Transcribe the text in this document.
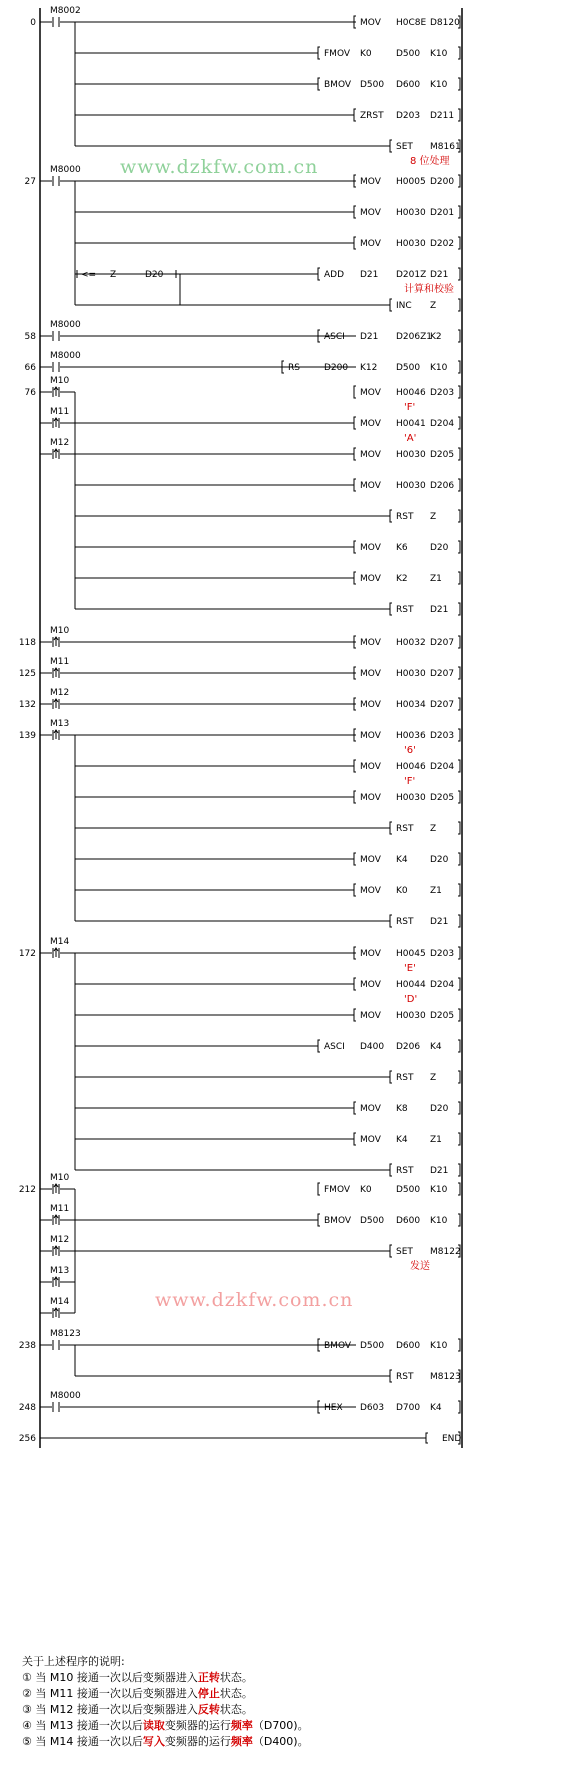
0
M8002
MOV H0C8E D8120
FMOV K0	D500 K10
BMOV D500 D600 K10
ZRST D203 D211
SET M8161
8 位处理
27
M8000
MOV H0005 D200
MOV H0030 D201
MOV H0030 D202
<= Z	D20	ADD D21 D201Z D21
计算和校验
INC Z
58
M8000
ASCI D21 D206Z1
K2
66
M8000
RS	D200 K12 D500 K10
76
M10
M11
M12
MOV H0046 D203
'F'
MOV H0041 D204
'A'
MOV H0030 D205
MOV H0030 D206
RST Z
MOV K6 D20
MOV K2 Z1
RST D21
118
M10
MOV H0032 D207
125
M11
MOV H0030 D207
132
M12
MOV H0034 D207
139
M13
MOV H0036 D203
'6'
MOV H0046 D204
'F'
MOV H0030 D205
RST Z
MOV K4 D20
MOV K0 Z1
RST D21
172
M14
MOV H0045 D203
'E'
MOV H0044 D204
'D'
MOV H0030 D205
ASCI D400 D206 K4
RST Z
MOV K8 D20
MOV K4 Z1
RST D21
212
M10
M11
M12
M13
M14
FMOV K0	D500 K10
BMOV D500 D600 K10
SET M8122
发送
238
M8123
BMOV D500 D600 K10
RST M8123
248
M8000
HEX D603 D700 K4
256	END
www.dzkfw.com.cn
www.dzkfw.com.cn
关于上述程序的说明:
① 当 M10 接通一次以后变频器进入正转状态。
② 当 M11 接通一次以后变频器进入停止状态。
③ 当 M12 接通一次以后变频器进入反转状态。
④ 当 M13 接通一次以后读取变频器的运行频率（D700)。
⑤ 当 M14 接通一次以后写入变频器的运行频率（D400)。
